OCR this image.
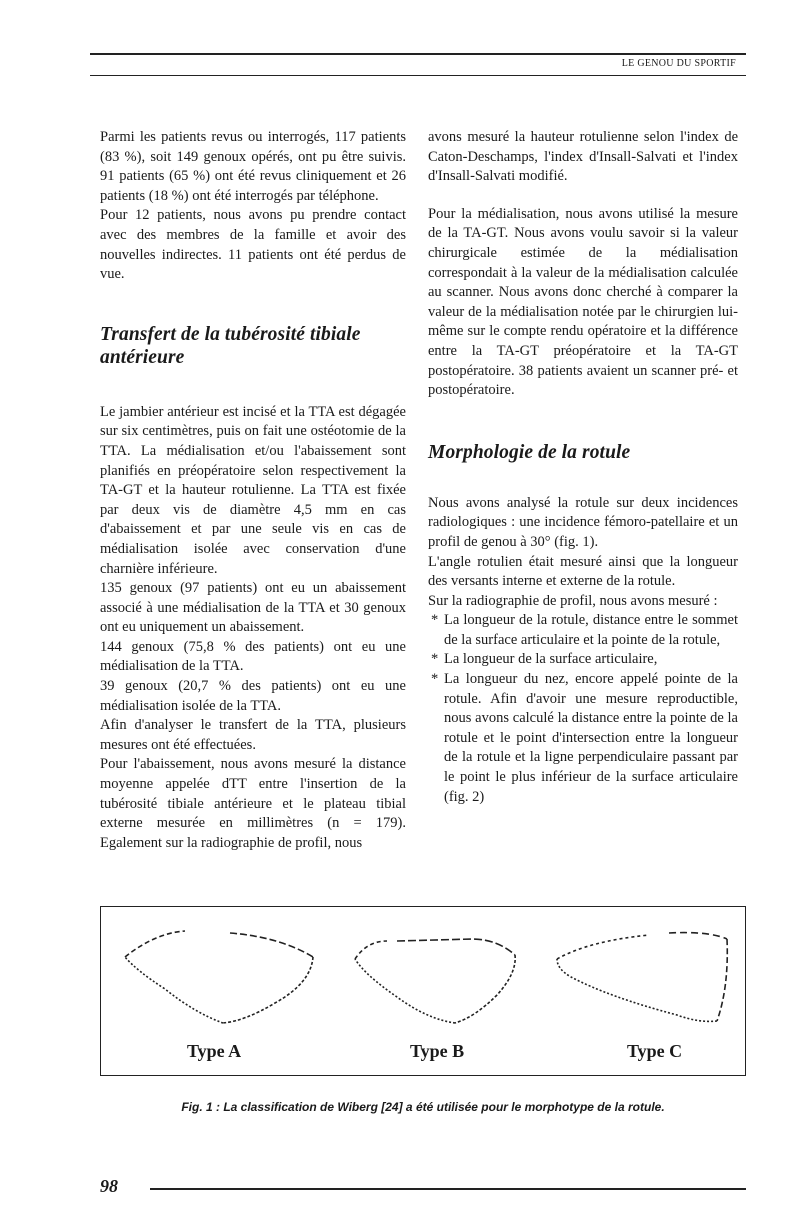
LE GENOU DU SPORTIF

Parmi les patients revus ou interrogés, 117 patients (83 %), soit 149 genoux opérés, ont pu être suivis. 91 patients (65 %) ont été revus cliniquement et 26 patients (18 %) ont été interrogés par téléphone.

Pour 12 patients, nous avons pu prendre contact avec des membres de la famille et avoir des nouvelles indirectes. 11 patients ont été perdus de vue.

Transfert de la tubérosité tibiale antérieure

Le jambier antérieur est incisé et la TTA est dégagée sur six centimètres, puis on fait une ostéotomie de la TTA. La médialisation et/ou l'abaissement sont planifiés en préopératoire selon respectivement la TA-GT et la hauteur rotulienne. La TTA est fixée par deux vis de diamètre 4,5 mm en cas d'abaissement et par une seule vis en cas de médialisation isolée avec conservation d'une charnière inférieure.

135 genoux (97 patients) ont eu un abaissement associé à une médialisation de la TTA et 30 genoux ont eu uniquement un abaissement.

144 genoux (75,8 % des patients) ont eu une médialisation de la TTA.

39 genoux (20,7 % des patients) ont eu une médialisation isolée de la TTA.

Afin d'analyser le transfert de la TTA, plusieurs mesures ont été effectuées.

Pour l'abaissement, nous avons mesuré la distance moyenne appelée dTT entre l'insertion de la tubérosité tibiale antérieure et le plateau tibial externe mesurée en millimètres (n = 179). Egalement sur la radiographie de profil, nous

avons mesuré la hauteur rotulienne selon l'index de Caton-Deschamps, l'index d'Insall-Salvati et l'index d'Insall-Salvati modifié.

Pour la médialisation, nous avons utilisé la mesure de la TA-GT. Nous avons voulu savoir si la valeur chirurgicale estimée de la médialisation correspondait à la valeur de la médialisation calculée au scanner. Nous avons donc cherché à comparer la valeur de la médialisation notée par le chirurgien lui-même sur le compte rendu opératoire et la différence entre la TA-GT préopératoire et la TA-GT postopératoire. 38 patients avaient un scanner pré- et postopératoire.

Morphologie de la rotule

Nous avons analysé la rotule sur deux incidences radiologiques : une incidence fémoro-patellaire et un profil de genou à 30° (fig. 1).

L'angle rotulien était mesuré ainsi que la longueur des versants interne et externe de la rotule.

Sur la radiographie de profil, nous avons mesuré :

* La longueur de la rotule, distance entre le sommet de la surface articulaire et la pointe de la rotule,
* La longueur de la surface articulaire,
* La longueur du nez, encore appelé pointe de la rotule. Afin d'avoir une mesure reproductible, nous avons calculé la distance entre la pointe de la rotule et le point d'intersection entre la longueur de la rotule et la ligne perpendiculaire passant par le point le plus inférieur de la surface articulaire (fig. 2)
Type A	Type B	Type C
Fig. 1 : La classification de Wiberg [24] a été utilisée pour le morphotype de la rotule.
98
